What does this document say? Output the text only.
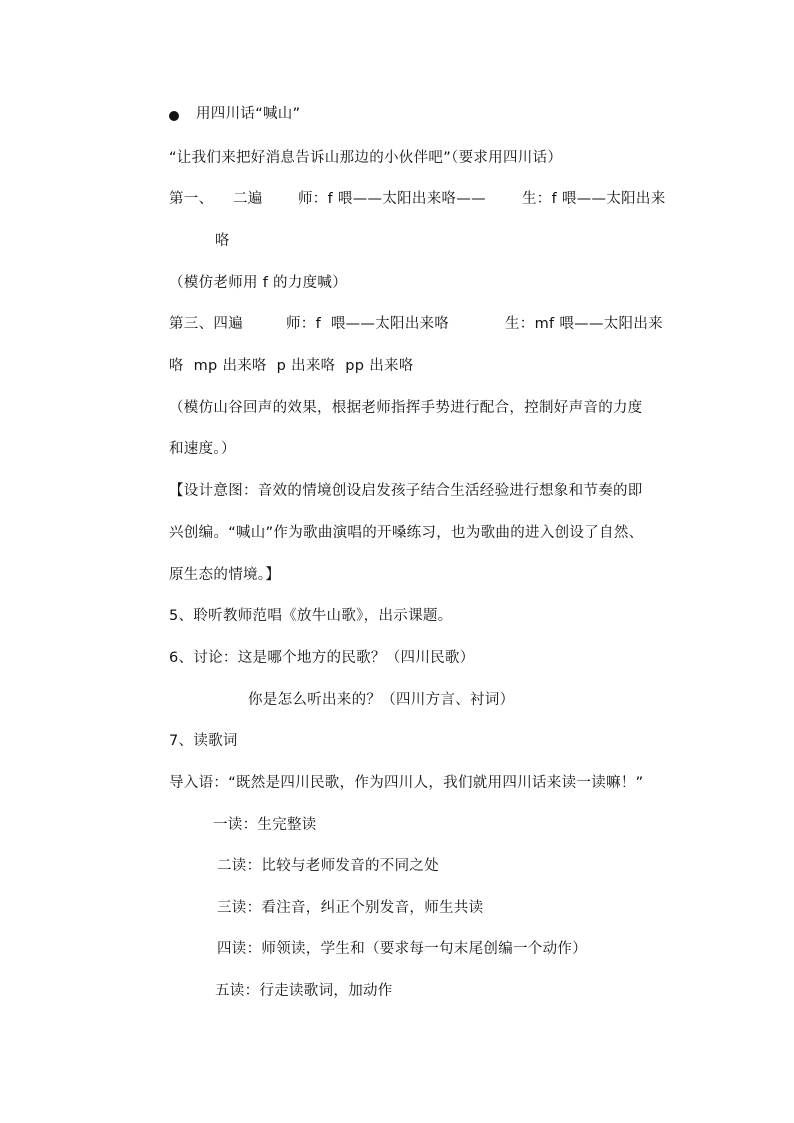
用四川话“喊山”
“让我们来把好消息告诉山那边的小伙伴吧”（要求用四川话）
第一、 二遍 师：f 喂——太阳出来咯—— 生：f 喂——太阳出来
咯
（模仿老师用 f 的力度喊）
第三、四遍	师：f  喂——太阳出来咯	生：mf 喂——太阳出来
咯  mp 出来咯  p 出来咯  pp 出来咯
（模仿山谷回声的效果，根据老师指挥手势进行配合，控制好声音的力度
和速度。）
【设计意图：音效的情境创设启发孩子结合生活经验进行想象和节奏的即
兴创编。“喊山”作为歌曲演唱的开嗓练习，也为歌曲的进入创设了自然、
原生态的情境。】
5、聆听教师范唱《放牛山歌》，出示课题。
6、讨论：这是哪个地方的民歌？（四川民歌）
你是怎么听出来的？（四川方言、衬词）
7、读歌词
导入语：“既然是四川民歌，作为四川人，我们就用四川话来读一读嘛！”
一读：生完整读
二读：比较与老师发音的不同之处
三读：看注音，纠正个别发音，师生共读
四读：师领读，学生和（要求每一句末尾创编一个动作）
五读：行走读歌词，加动作
